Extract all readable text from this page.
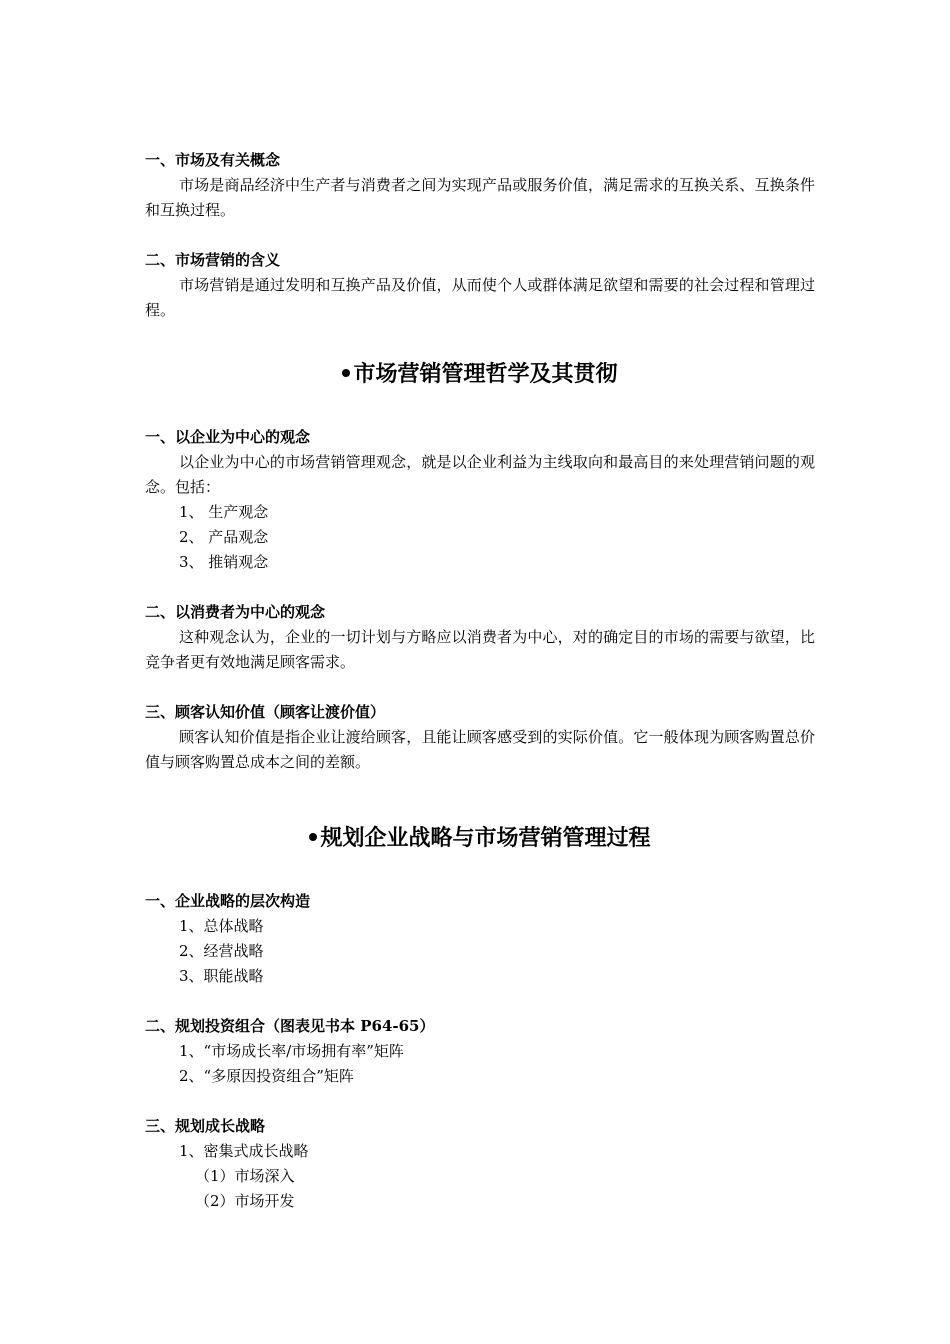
一、市场及有关概念
市场是商品经济中生产者与消费者之间为实现产品或服务价值，满足需求的互换关系、互换条件和互换过程。
二、市场营销的含义
市场营销是通过发明和互换产品及价值，从而使个人或群体满足欲望和需要的社会过程和管理过程。
市场营销管理哲学及其贯彻
一、以企业为中心的观念
以企业为中心的市场营销管理观念，就是以企业利益为主线取向和最高目的来处理营销问题的观念。包括：
1、 生产观念
2、 产品观念
3、 推销观念
二、以消费者为中心的观念
这种观念认为，企业的一切计划与方略应以消费者为中心，对的确定目的市场的需要与欲望，比竞争者更有效地满足顾客需求。
三、顾客认知价值（顾客让渡价值）
顾客认知价值是指企业让渡给顾客，且能让顾客感受到的实际价值。它一般体现为顾客购置总价值与顾客购置总成本之间的差额。
规划企业战略与市场营销管理过程
一、企业战略的层次构造
1、总体战略
2、经营战略
3、职能战略
二、规划投资组合（图表见书本 P64-65）
1、“市场成长率/市场拥有率”矩阵
2、“多原因投资组合”矩阵
三、规划成长战略
1、密集式成长战略
（1）市场深入
（2）市场开发
